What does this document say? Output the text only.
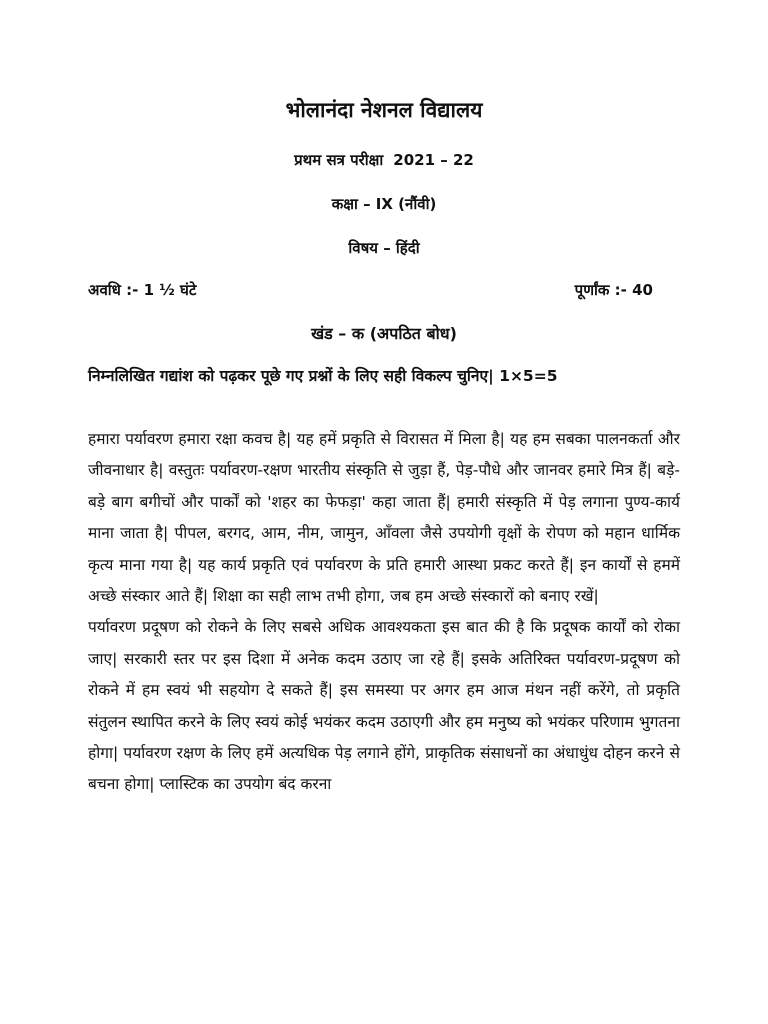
भोलानंदा नेशनल विद्यालय
प्रथम सत्र परीक्षा 2021 – 22
कक्षा – IX (नौंवी)
विषय – हिंदी
अवधि :- 1 ½ घंटे	पूर्णांक :- 40
खंड – क (अपठित बोध)
निम्नलिखित गद्यांश को पढ़कर पूछे गए प्रश्नों के लिए सही विकल्प चुनिए| 1×5=5

हमारा पर्यावरण हमारा रक्षा कवच है| यह हमें प्रकृति से विरासत में मिला है| यह हम सबका पालनकर्ता और जीवनाधार है| वस्तुतः पर्यावरण-रक्षण भारतीय संस्कृति से जुड़ा हैं, पेड़-पौधे और जानवर हमारे मित्र हैं| बड़े-बड़े बाग बगीचों और पार्कों को 'शहर का फेफड़ा' कहा जाता हैं| हमारी संस्कृति में पेड़ लगाना पुण्य-कार्य माना जाता है| पीपल, बरगद, आम, नीम, जामुन, आँवला जैसे उपयोगी वृक्षों के रोपण को महान धार्मिक कृत्य माना गया है| यह कार्य प्रकृति एवं पर्यावरण के प्रति हमारी आस्था प्रकट करते हैं| इन कार्यों से हममें अच्छे संस्कार आते हैं| शिक्षा का सही लाभ तभी होगा, जब हम अच्छे संस्कारों को बनाए रखें|

पर्यावरण प्रदूषण को रोकने के लिए सबसे अधिक आवश्यकता इस बात की है कि प्रदूषक कार्यों को रोका जाए| सरकारी स्तर पर इस दिशा में अनेक कदम उठाए जा रहे हैं| इसके अतिरिक्त पर्यावरण-प्रदूषण को रोकने में हम स्वयं भी सहयोग दे सकते हैं| इस समस्या पर अगर हम आज मंथन नहीं करेंगे, तो प्रकृति संतुलन स्थापित करने के लिए स्वयं कोई भयंकर कदम उठाएगी और हम मनुष्य को भयंकर परिणाम भुगतना होगा| पर्यावरण रक्षण के लिए हमें अत्यधिक पेड़ लगाने होंगे, प्राकृतिक संसाधनों का अंधाधुंध दोहन करने से बचना होगा| प्लास्टिक का उपयोग बंद करना
